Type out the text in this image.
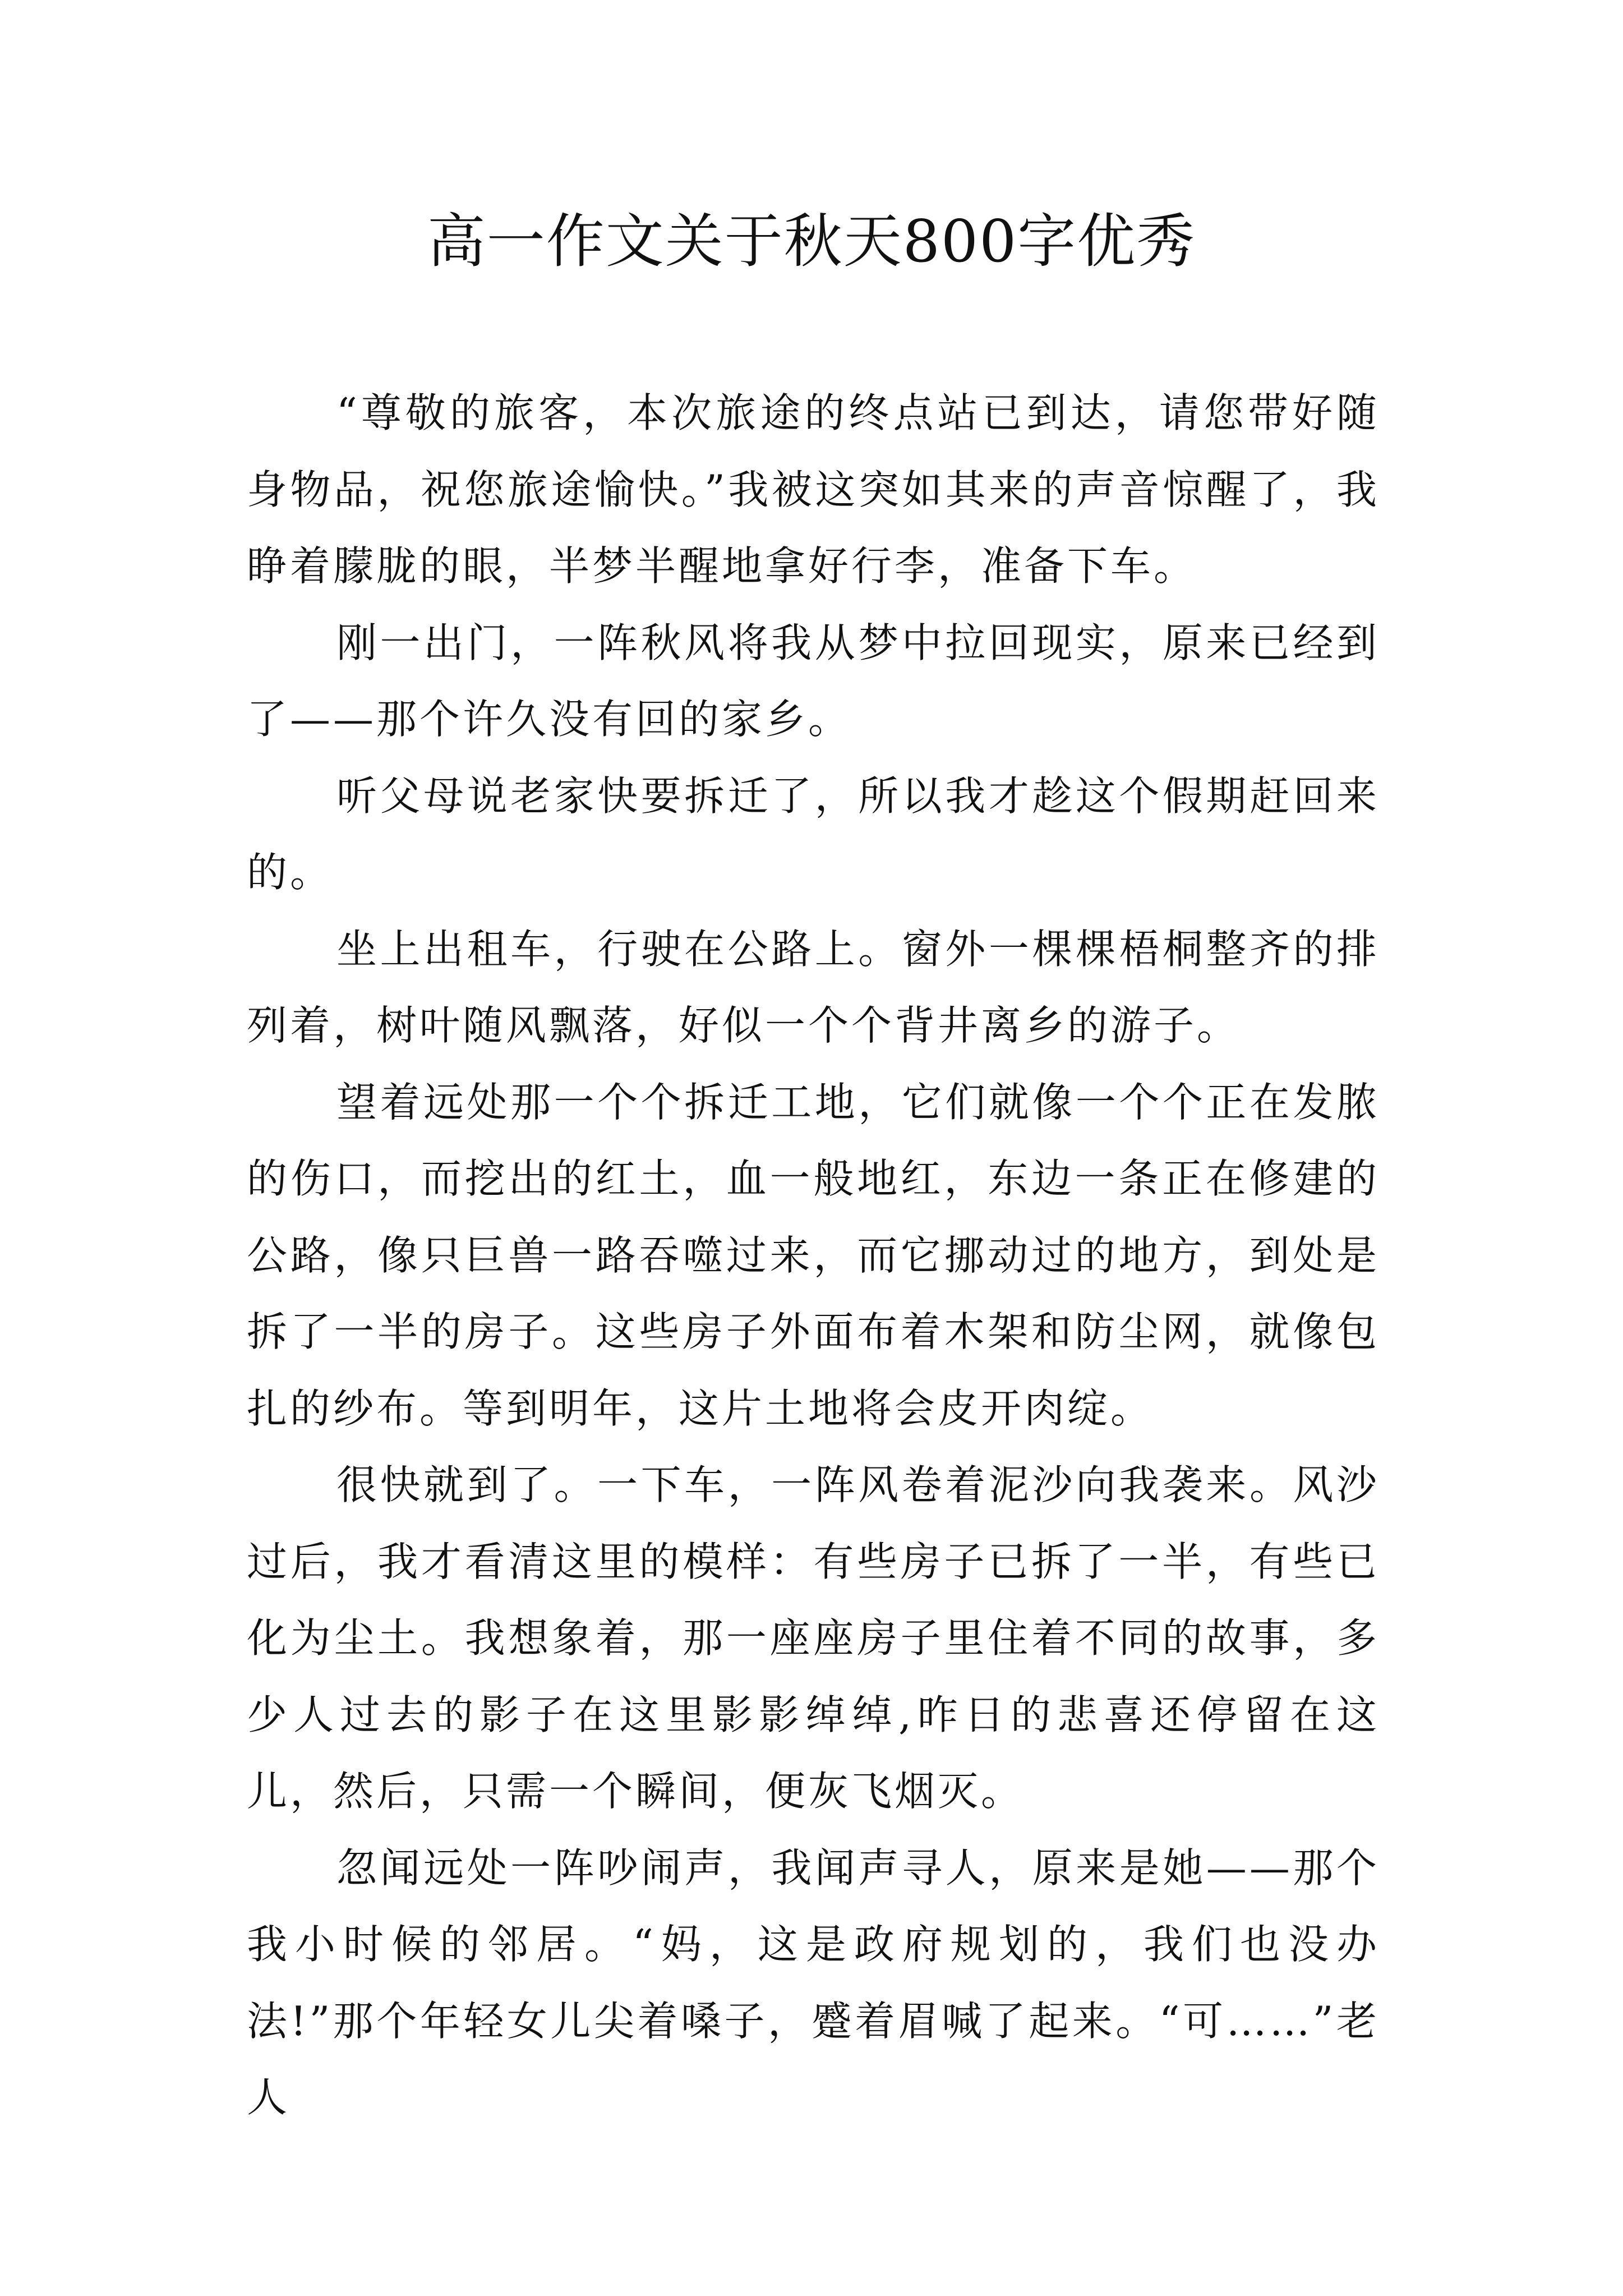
高一作文关于秋天800字优秀

“尊敬的旅客，本次旅途的终点站已到达，请您带好随身物品，祝您旅途愉快。”我被这突如其来的声音惊醒了，我睁着朦胧的眼，半梦半醒地拿好行李，准备下车。

刚一出门，一阵秋风将我从梦中拉回现实，原来已经到了——那个许久没有回的家乡。

听父母说老家快要拆迁了，所以我才趁这个假期赶回来的。

坐上出租车，行驶在公路上。窗外一棵棵梧桐整齐的排列着，树叶随风飘落，好似一个个背井离乡的游子。

望着远处那一个个拆迁工地，它们就像一个个正在发脓的伤口，而挖出的红土，血一般地红，东边一条正在修建的公路，像只巨兽一路吞噬过来，而它挪动过的地方，到处是拆了一半的房子。这些房子外面布着木架和防尘网，就像包扎的纱布。等到明年，这片土地将会皮开肉绽。

很快就到了。一下车，一阵风卷着泥沙向我袭来。风沙过后，我才看清这里的模样：有些房子已拆了一半，有些已化为尘土。我想象着，那一座座房子里住着不同的故事，多少人过去的影子在这里影影绰绰,昨日的悲喜还停留在这儿，然后，只需一个瞬间，便灰飞烟灭。

忽闻远处一阵吵闹声，我闻声寻人，原来是她——那个我小时候的邻居。“妈，这是政府规划的，我们也没办法!”那个年轻女儿尖着嗓子，蹙着眉喊了起来。“可……”老人
